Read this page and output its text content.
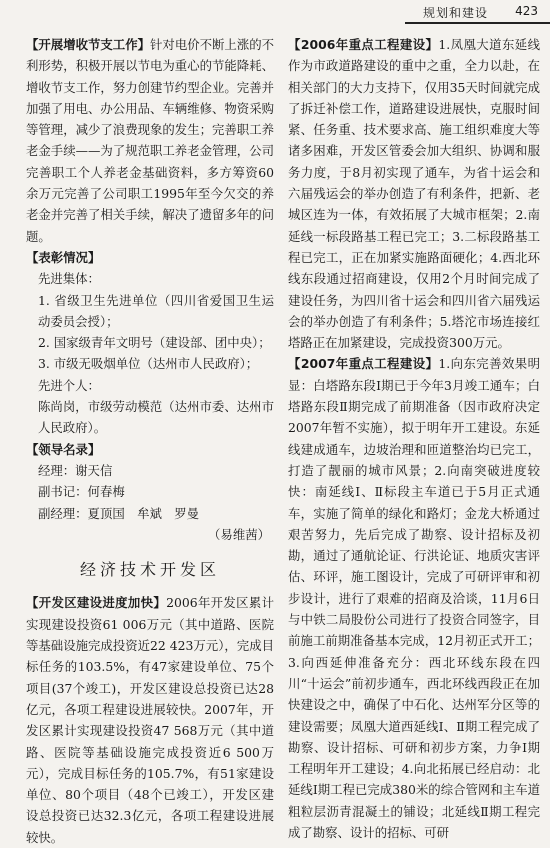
规划和建设 423

【开展增收节支工作】针对电价不断上涨的不利形势，积极开展以节电为重心的节能降耗、增收节支工作，努力创建节约型企业。完善并加强了用电、办公用品、车辆维修、物资采购等管理，减少了浪费现象的发生；完善职工养老金手续——为了规范职工养老金管理，公司完善职工个人养老金基础资料，多方筹资60余万元完善了公司职工1995年至今欠交的养老金并完善了相关手续，解决了遗留多年的问题。

【表彰情况】
先进集体：
1. 省级卫生先进单位（四川省爱国卫生运动委员会授）；
2. 国家级青年文明号（建设部、团中央）；
3. 市级无吸烟单位（达州市人民政府）；
先进个人：
陈尚岗，市级劳动模范（达州市委、达州市人民政府）。
【领导名录】
经理：谢天信
副书记：何春梅
副经理：夏顶国　牟斌　罗曼
（易维茜）
经济技术开发区

【开发区建设进度加快】2006年开发区累计实现建设投资61 006万元（其中道路、医院等基础设施完成投资近22 423万元），完成目标任务的103.5%，有47家建设单位、75个项目(37个竣工)，开发区建设总投资已达28亿元，各项工程建设进展较快。2007年，开发区累计实现建设投资47 568万元（其中道路、医院等基础设施完成投资近6 500万元），完成目标任务的105.7%，有51家建设单位、80个项目（48个已竣工），开发区建设总投资已达32.3亿元，各项工程建设进展较快。

【2006年重点工程建设】1.凤凰大道东延线作为市政道路建设的重中之重，全力以赴，在相关部门的大力支持下，仅用35天时间就完成了拆迁补偿工作，道路建设进展快，克服时间紧、任务重、技术要求高、施工组织难度大等诸多困难，开发区管委会加大组织、协调和服务力度，于8月初实现了通车，为省十运会和六届残运会的举办创造了有利条件，把新、老城区连为一体，有效拓展了大城市框架；2.南延线一标段路基工程已完工；3.二标段路基工程已完工，正在加紧实施路面硬化；4.西北环线东段通过招商建设，仅用2个月时间完成了建设任务，为四川省十运会和四川省六届残运会的举办创造了有利条件；5.塔沱市场连接红塔路正在加紧建设，完成投资300万元。

【2007年重点工程建设】1.向东完善效果明显：白塔路东段Ⅰ期已于今年3月竣工通车；白塔路东段Ⅱ期完成了前期准备（因市政府决定2007年暂不实施），拟于明年开工建设。东延线建成通车，边坡治理和匝道整治均已完工，打造了靓丽的城市风景；2.向南突破进度较快：南延线Ⅰ、Ⅱ标段主车道已于5月正式通车，实施了简单的绿化和路灯；金龙大桥通过艰苦努力，先后完成了勘察、设计招标及初勘，通过了通航论证、行洪论证、地质灾害评估、环评，施工图设计，完成了可研评审和初步设计，进行了艰难的招商及洽谈，11月6日与中铁二局股份公司进行了投资合同签字，目前施工前期准备基本完成，12月初正式开工；3.向西延伸准备充分：西北环线东段在四川“十运会”前初步通车，西北环线西段正在加快建设之中，确保了中石化、达州军分区等的建设需要；凤凰大道西延线Ⅰ、Ⅱ期工程完成了勘察、设计招标、可研和初步方案，力争Ⅰ期工程明年开工建设；4.向北拓展已经启动：北延线Ⅰ期工程已完成380米的综合管网和主车道粗粒层沥青混凝土的铺设；北延线Ⅱ期工程完成了勘察、设计的招标、可研
